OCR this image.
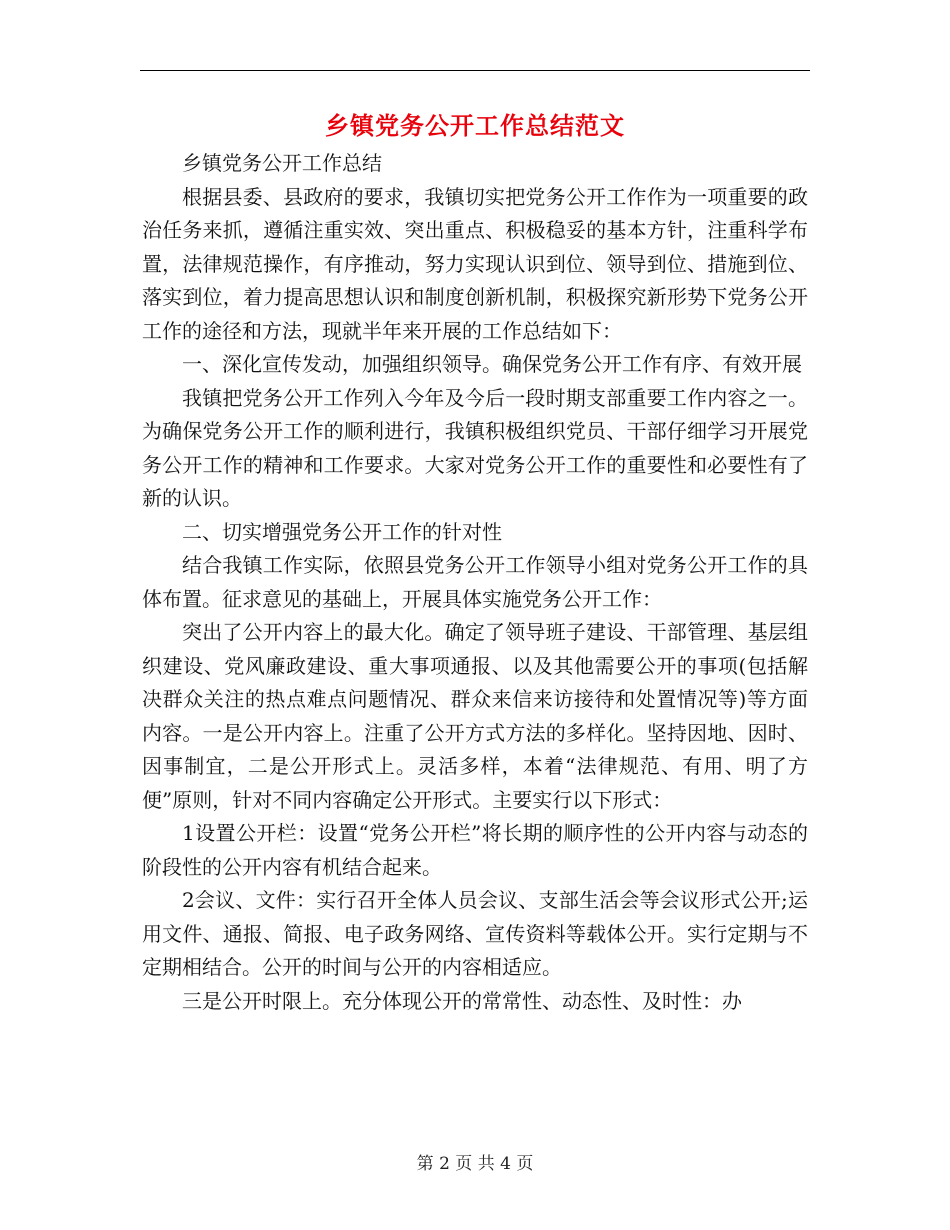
乡镇党务公开工作总结范文

乡镇党务公开工作总结

根据县委、县政府的要求，我镇切实把党务公开工作作为一项重要的政治任务来抓，遵循注重实效、突出重点、积极稳妥的基本方针，注重科学布置，法律规范操作，有序推动，努力实现认识到位、领导到位、措施到位、落实到位，着力提高思想认识和制度创新机制，积极探究新形势下党务公开工作的途径和方法，现就半年来开展的工作总结如下：

一、深化宣传发动，加强组织领导。确保党务公开工作有序、有效开展

我镇把党务公开工作列入今年及今后一段时期支部重要工作内容之一。为确保党务公开工作的顺利进行，我镇积极组织党员、干部仔细学习开展党务公开工作的精神和工作要求。大家对党务公开工作的重要性和必要性有了新的认识。

二、切实增强党务公开工作的针对性

结合我镇工作实际，依照县党务公开工作领导小组对党务公开工作的具体布置。征求意见的基础上，开展具体实施党务公开工作：

突出了公开内容上的最大化。确定了领导班子建设、干部管理、基层组织建设、党风廉政建设、重大事项通报、以及其他需要公开的事项(包括解决群众关注的热点难点问题情况、群众来信来访接待和处置情况等)等方面内容。一是公开内容上。注重了公开方式方法的多样化。坚持因地、因时、因事制宜，二是公开形式上。灵活多样，本着“法律规范、有用、明了方便”原则，针对不同内容确定公开形式。主要实行以下形式：

1设置公开栏：设置“党务公开栏”将长期的顺序性的公开内容与动态的阶段性的公开内容有机结合起来。

2会议、文件：实行召开全体人员会议、支部生活会等会议形式公开;运用文件、通报、简报、电子政务网络、宣传资料等载体公开。实行定期与不定期相结合。公开的时间与公开的内容相适应。

三是公开时限上。充分体现公开的常常性、动态性、及时性：办

第 2 页 共 4 页
